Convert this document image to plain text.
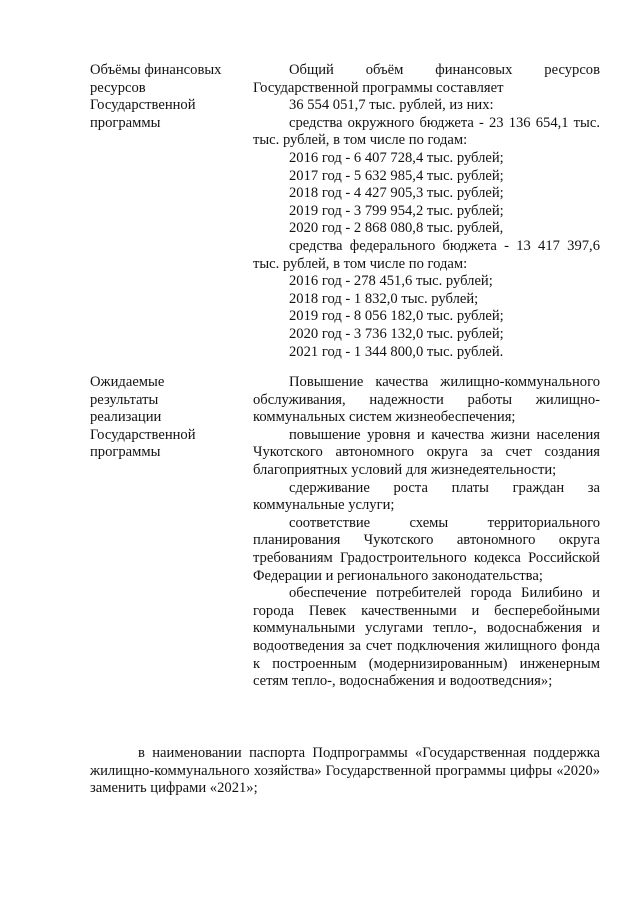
Объёмы финансовых
ресурсов
Государственной
программы
Общий объём финансовых ресурсов Государственной программы составляет
36 554 051,7 тыс. рублей, из них:
средства окружного бюджета - 23 136 654,1 тыс. тыс. рублей, в том числе по годам:
2016 год - 6 407 728,4 тыс. рублей;
2017 год - 5 632 985,4 тыс. рублей;
2018 год - 4 427 905,3 тыс. рублей;
2019 год - 3 799 954,2 тыс. рублей;
2020 год - 2 868 080,8 тыс. рублей,
средства федерального бюджета - 13 417 397,6 тыс. рублей, в том числе по годам:
2016 год - 278 451,6 тыс. рублей;
2018 год - 1 832,0 тыс. рублей;
2019 год - 8 056 182,0 тыс. рублей;
2020 год - 3 736 132,0 тыс. рублей;
2021 год - 1 344 800,0 тыс. рублей.
Ожидаемые
результаты
реализации
Государственной
программы
Повышение качества жилищно-коммунального обслуживания, надежности работы жилищно-коммунальных систем жизнеобеспечения;
повышение уровня и качества жизни населения Чукотского автономного округа за счет создания благоприятных условий для жизнедеятельности;
сдерживание роста платы граждан за коммунальные услуги;
соответствие схемы территориального планирования Чукотского автономного округа требованиям Градостроительного кодекса Российской Федерации и регионального законодательства;
обеспечение потребителей города Билибино и города Певек качественными и бесперебойными коммунальными услугами тепло-, водоснабжения и водоотведения за счет подключения жилищного фонда к построенным (модернизированным) инженерным сетям тепло-, водоснабжения и водоотведсния»;
в наименовании паспорта Подпрограммы «Государственная поддержка жилищно-коммунального хозяйства» Государственной программы цифры «2020» заменить цифрами «2021»;
